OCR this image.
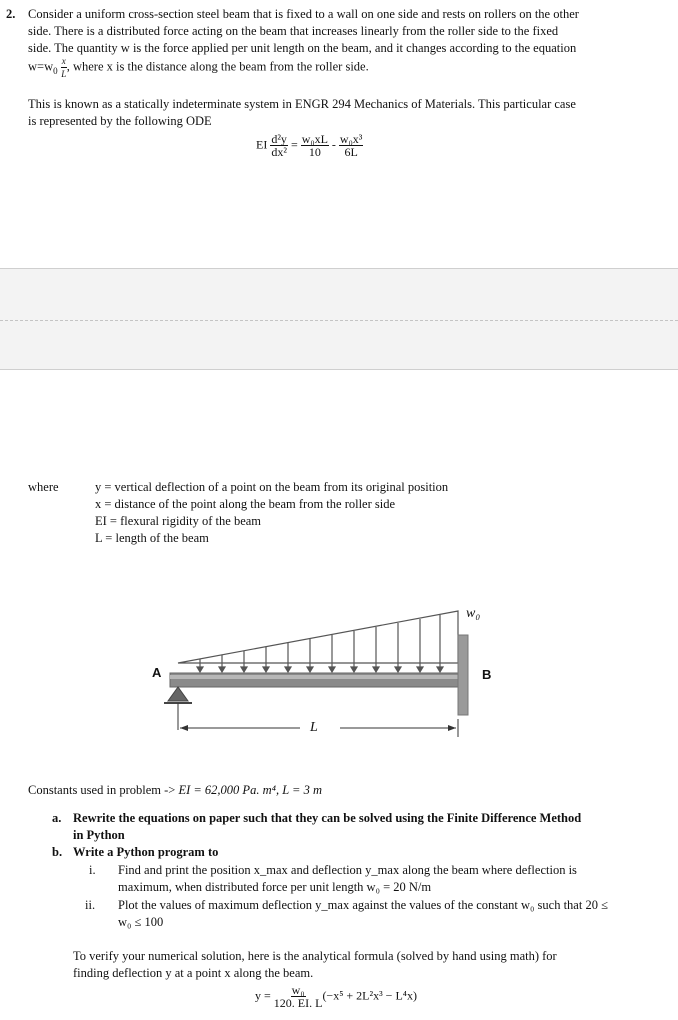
2. Consider a uniform cross-section steel beam that is fixed to a wall on one side and rests on rollers on the other
side. There is a distributed force acting on the beam that increases linearly from the roller side to the fixed
side. The quantity w is the force applied per unit length on the beam, and it changes according to the equation
$w=w_0 \frac{x}{L}$ , where x is the distance along the beam from the roller side.
This is known as a statically indeterminate system in ENGR 294 Mechanics of Materials. This particular case
is represented by the following ODE
EI $\frac{\text{d²y}}{\text{dx²}} = \frac{\text{w₀xL}}{10} - \frac{\text{w₀x³}}{6L}$
where	y = vertical deflection of a point on the beam from its original position
x = distance of the point along the beam from the roller side
EI = flexural rigidity of the beam
L = length of the beam
w₀
A	B
L
Constants used in problem -> EI = 62,000 Pa. m⁴, L = 3 m
a. Rewrite the equations on paper such that they can be solved using the Finite Difference Method
in Python
b. Write a Python program to
i. Find and print the position x_max and deflection y_max along the beam where deflection is
maximum, when distributed force per unit length w₀ = 20 N/m
ii. Plot the values of maximum deflection y_max against the values of the constant w₀ such that 20 ≤
w₀ ≤ 100
To verify your numerical solution, here is the analytical formula (solved by hand using math) for
finding deflection y at a point x along the beam.
$y = \frac{\text{w₀}}{120. EI. L} (-x^5 + 2L^2x^3 - L^4x)$
